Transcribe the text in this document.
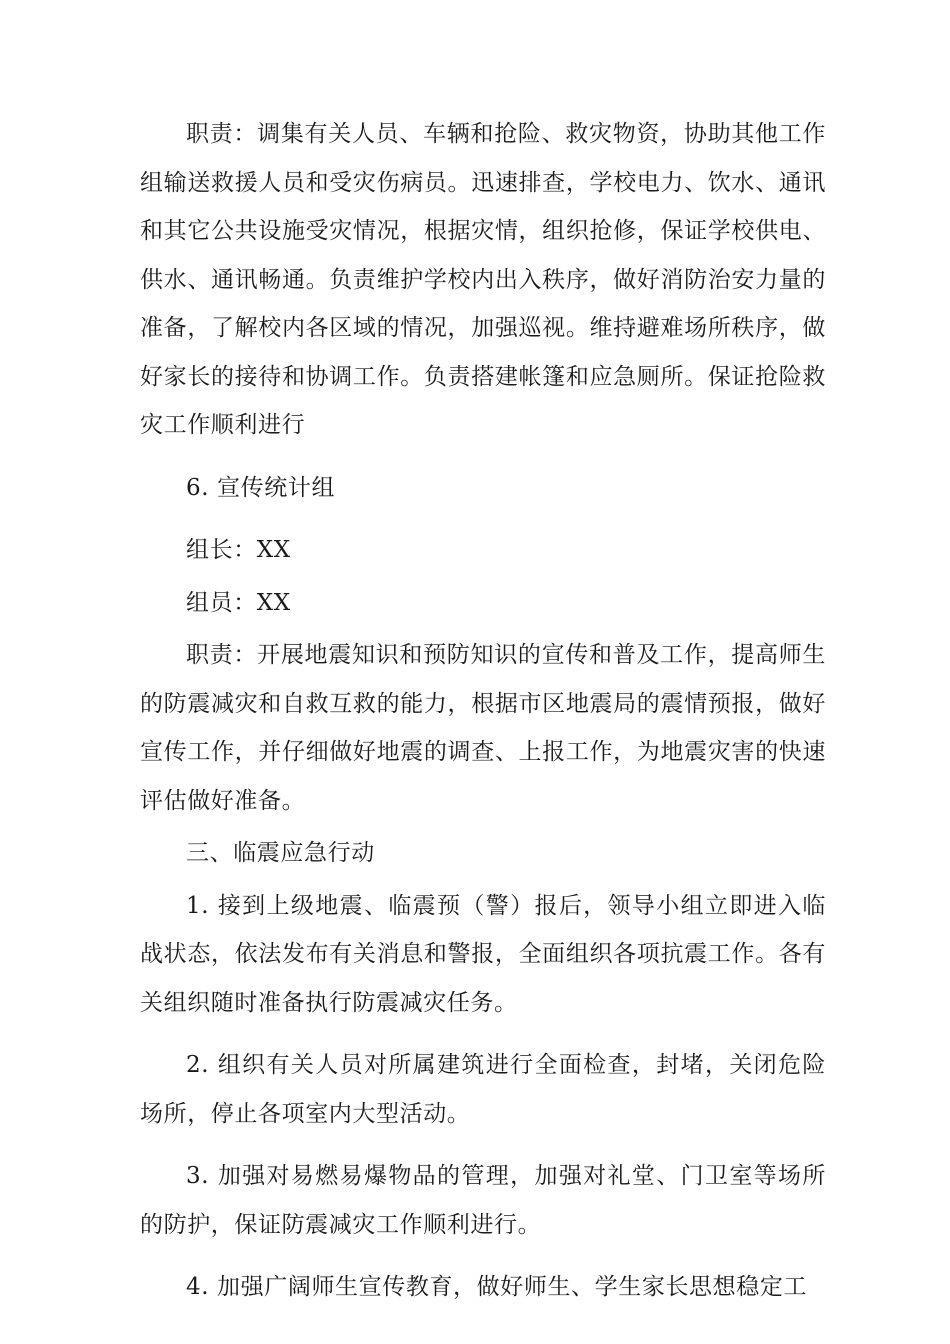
职责：调集有关人员、车辆和抢险、救灾物资，协助其他工作组输送救援人员和受灾伤病员。迅速排查，学校电力、饮水、通讯和其它公共设施受灾情况，根据灾情，组织抢修，保证学校供电、供水、通讯畅通。负责维护学校内出入秩序，做好消防治安力量的准备，了解校内各区域的情况，加强巡视。维持避难场所秩序，做好家长的接待和协调工作。负责搭建帐篷和应急厕所。保证抢险救灾工作顺利进行

6. 宣传统计组

组长：XX

组员：XX

职责：开展地震知识和预防知识的宣传和普及工作，提高师生的防震减灾和自救互救的能力，根据市区地震局的震情预报，做好宣传工作，并仔细做好地震的调查、上报工作，为地震灾害的快速评估做好准备。

三、临震应急行动

1. 接到上级地震、临震预（警）报后，领导小组立即进入临战状态，依法发布有关消息和警报，全面组织各项抗震工作。各有关组织随时准备执行防震减灾任务。

2. 组织有关人员对所属建筑进行全面检查，封堵，关闭危险场所，停止各项室内大型活动。

3. 加强对易燃易爆物品的管理，加强对礼堂、门卫室等场所的防护，保证防震减灾工作顺利进行。

4. 加强广阔师生宣传教育，做好师生、学生家长思想稳定工
